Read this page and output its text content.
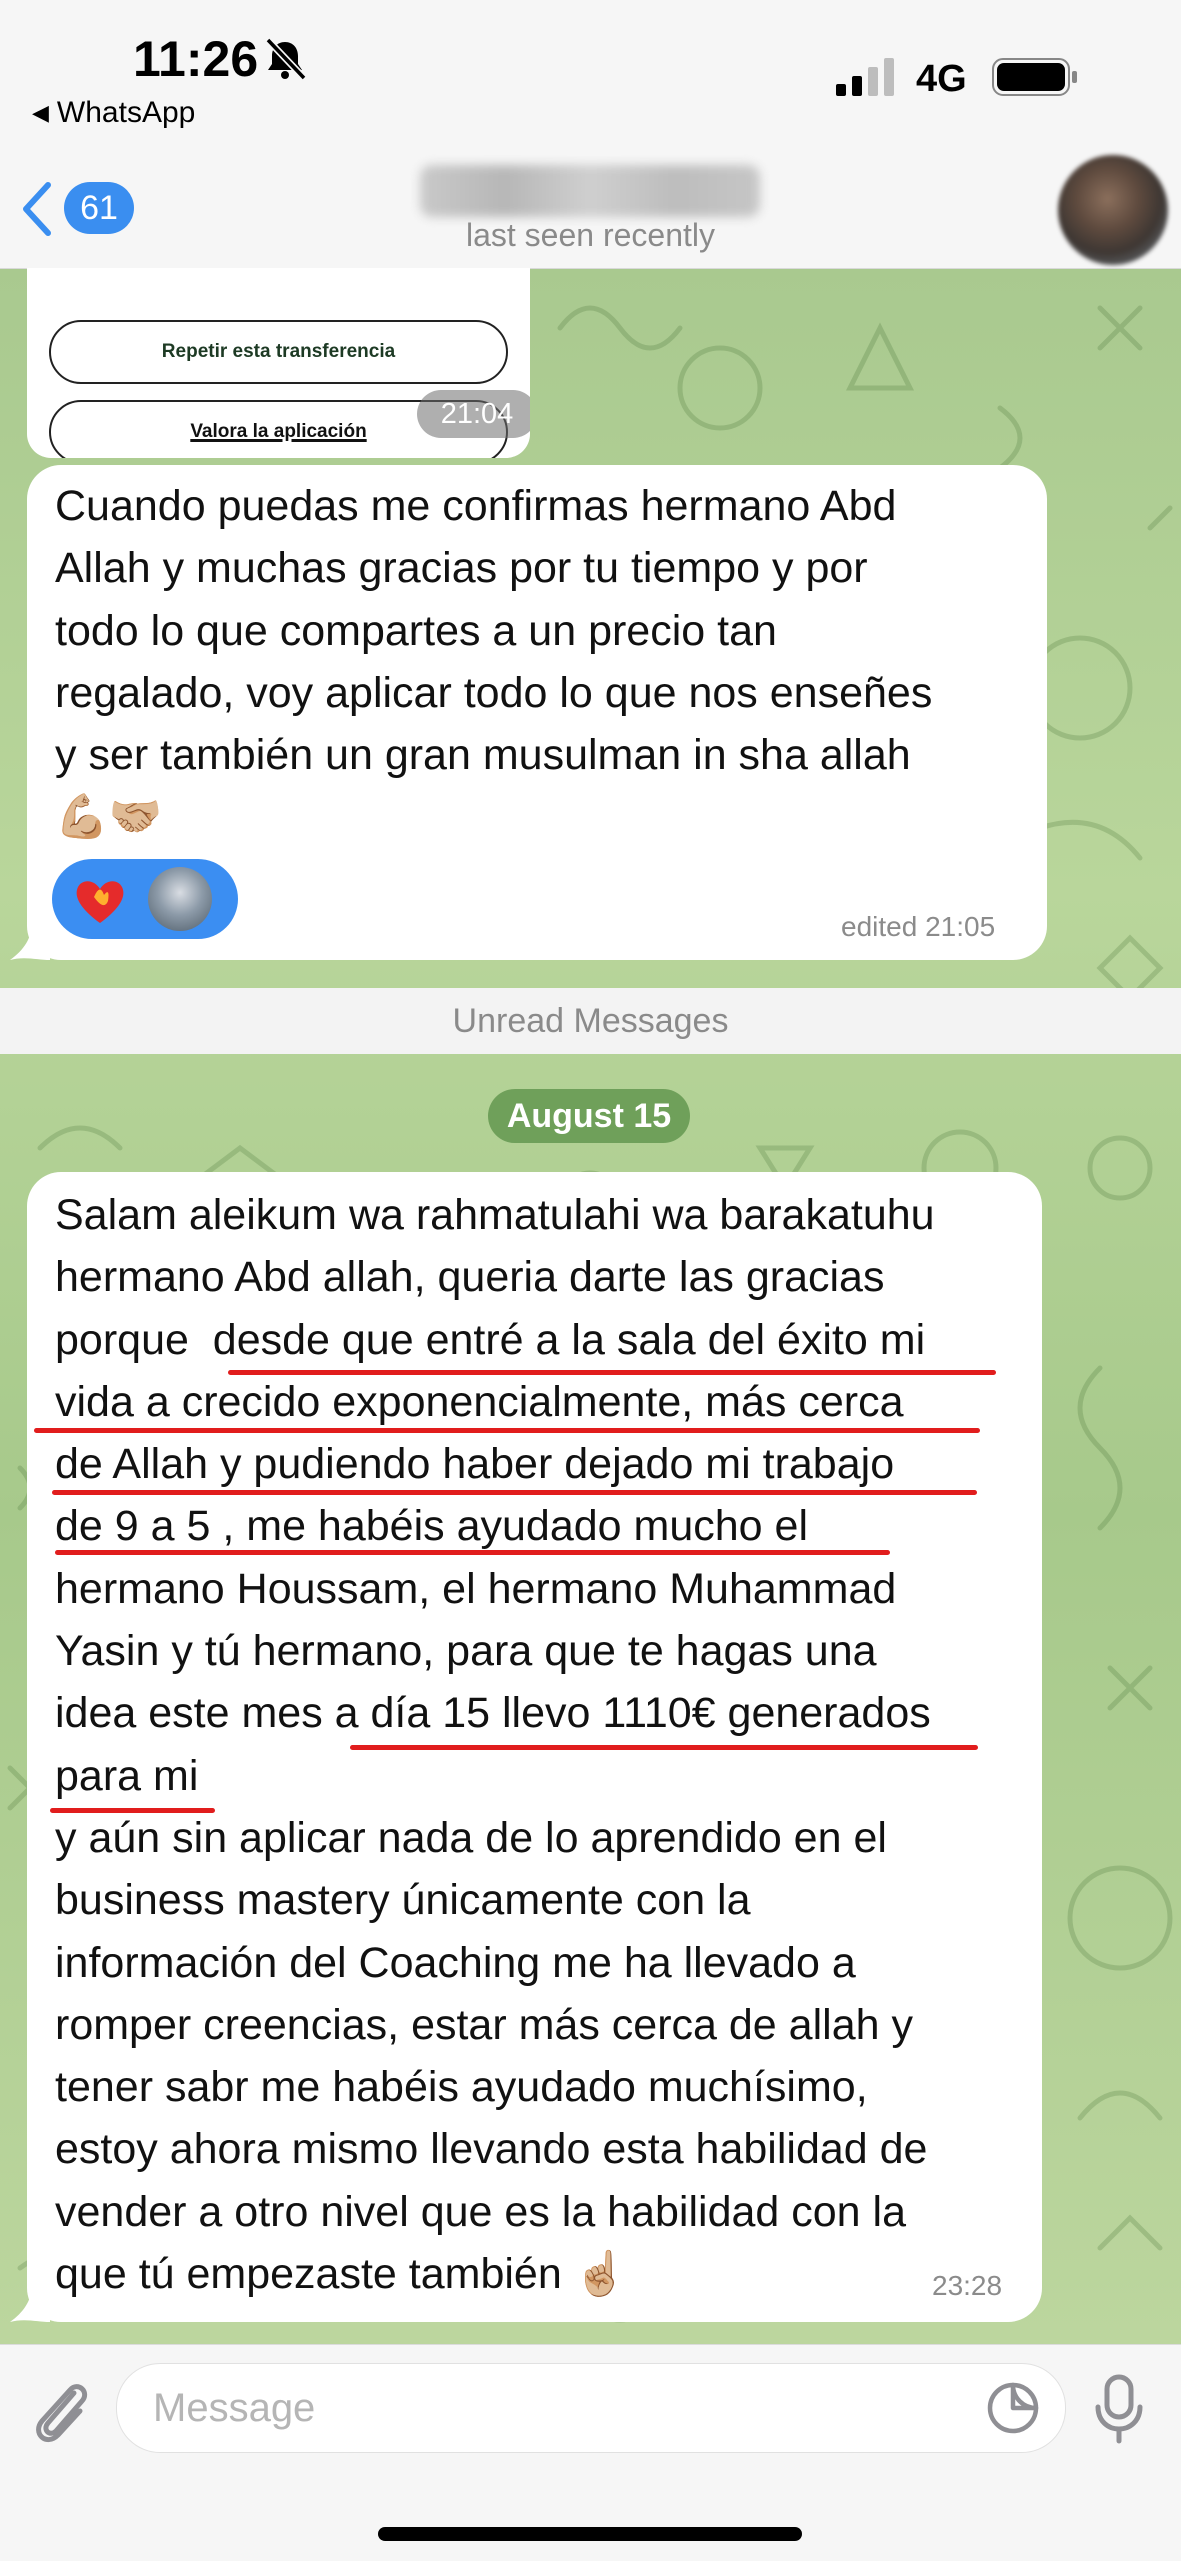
11:26
◀ WhatsApp
4G
61
last seen recently
Repetir esta transferencia
Valora la aplicación
21:04
Cuando puedas me confirmas hermano Abd
Allah y muchas gracias por tu tiempo y por
todo lo que compartes a un precio tan
regalado, voy aplicar todo lo que nos enseñes
y ser también un gran musulman in sha allah
💪🏼🤝🏼
edited 21:05
Unread Messages
August 15
Salam aleikum wa rahmatulahi wa barakatuhu
hermano Abd allah, queria darte las gracias
porque  desde que entré a la sala del éxito mi
vida a crecido exponencialmente, más cerca
de Allah y pudiendo haber dejado mi trabajo
de 9 a 5 , me habéis ayudado mucho el
hermano Houssam, el hermano Muhammad
Yasin y tú hermano, para que te hagas una
idea este mes a día 15 llevo 1110€ generados
para mi
y aún sin aplicar nada de lo aprendido en el
business mastery únicamente con la
información del Coaching me ha llevado a
romper creencias, estar más cerca de allah y
tener sabr me habéis ayudado muchísimo,
estoy ahora mismo llevando esta habilidad de
vender a otro nivel que es la habilidad con la
que tú empezaste también ☝🏼	23:28
Message
